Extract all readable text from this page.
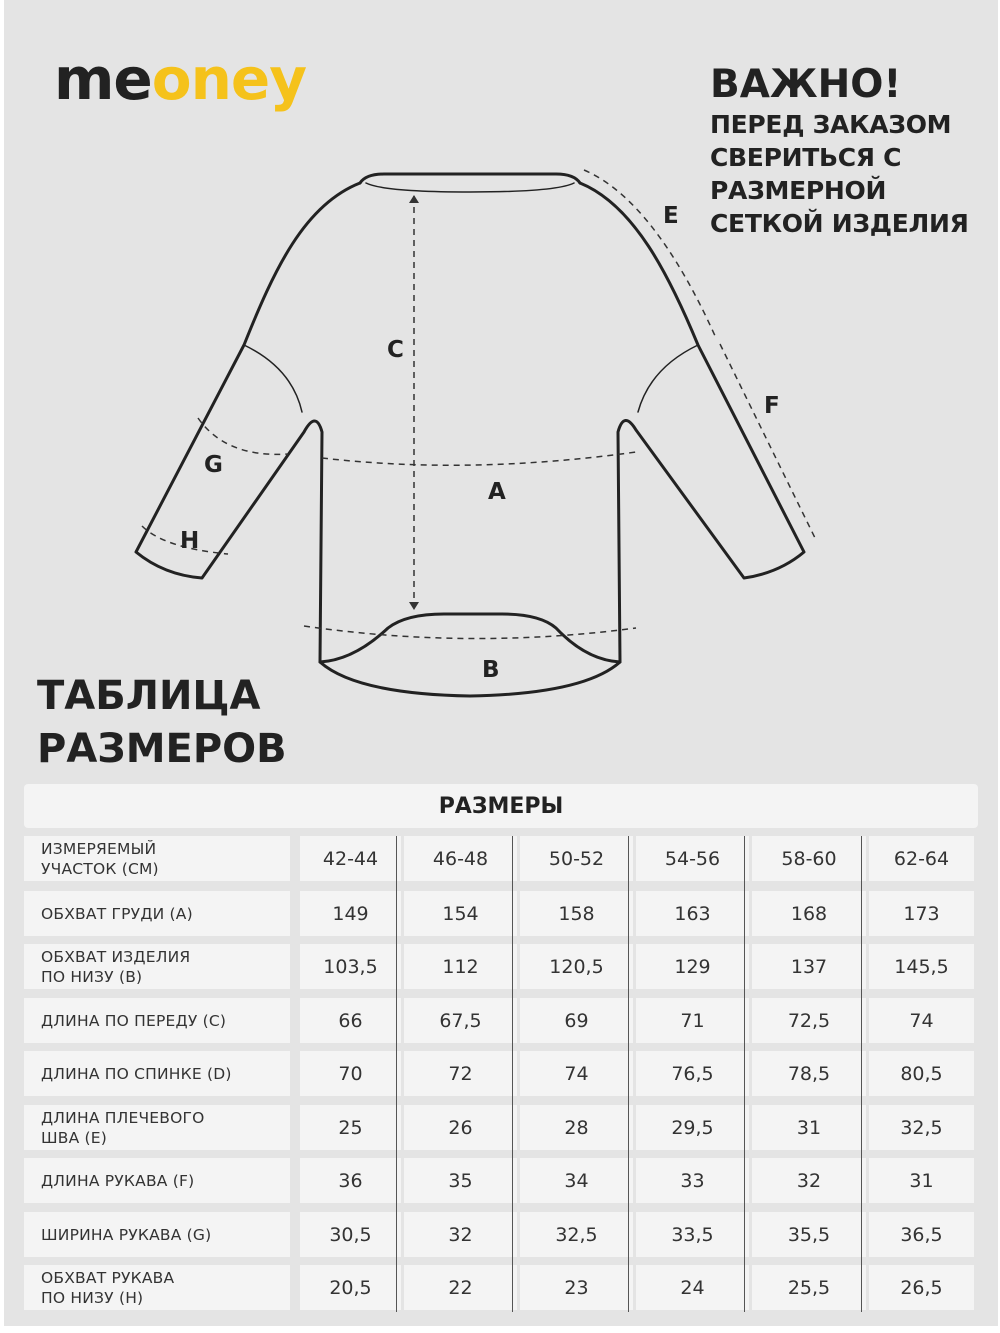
meoney	ВАЖНО!
ПЕРЕД ЗАКАЗОМ
СВЕРИТЬСЯ С
РАЗМЕРНОЙ
СЕТКОЙ ИЗДЕЛИЯ
C
A
B
E
F
G
H
ТАБЛИЦА
РАЗМЕРОВ
РАЗМЕРЫ
ИЗМЕРЯЕМЫЙ
УЧАСТОК (СМ)	42-44	46-48	50-52	54-56	58-60	62-64
ОБХВАТ ГРУДИ (A)	149	154	158	163	168	173
ОБХВАТ ИЗДЕЛИЯ
ПО НИЗУ (B)	103,5	112	120,5	129	137	145,5
ДЛИНА ПО ПЕРЕДУ (C)	66	67,5	69	71	72,5	74
ДЛИНА ПО СПИНКЕ (D)	70	72	74	76,5	78,5	80,5
ДЛИНА ПЛЕЧЕВОГО
ШВА (E)	25	26	28	29,5	31	32,5
ДЛИНА РУКАВА (F)	36	35	34	33	32	31
ШИРИНА РУКАВА (G)	30,5	32	32,5	33,5	35,5	36,5
ОБХВАТ РУКАВА
ПО НИЗУ (H)	20,5	22	23	24	25,5	26,5
